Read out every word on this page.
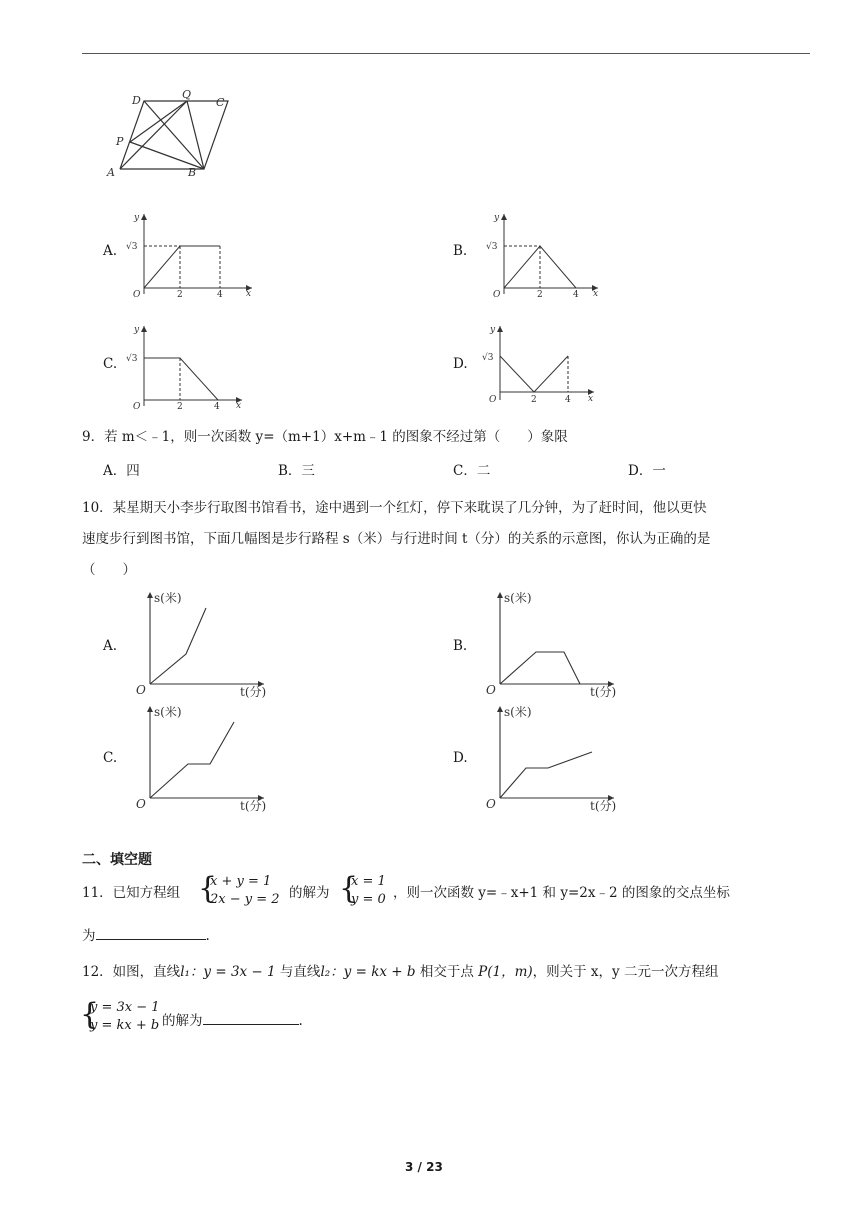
D	Q
C
P
A	B
A.
y
√3
O	2	4	x
B.
y
√3
O	2	4 x
C.
y
√3
O	2	4 x
D.
y
√3
O	2	4 x
9．若 m＜﹣1，则一次函数 y=（m+1）x+m﹣1 的图象不经过第（　　）象限
A．四	B．三	C．二	D．一
10．某星期天小李步行取图书馆看书，途中遇到一个红灯，停下来耽误了几分钟，为了赶时间，他以更快
速度步行到图书馆，下面几幅图是步行路程 s（米）与行进时间 t（分）的关系的示意图，你认为正确的是
（　　）
A.
s(米)
O	t(分)
B.
s(米)
O	t(分)
C.
s(米)
O	t(分)
D.
s(米)
O	t(分)
二、填空题
11．已知方程组 {
x + y = 1
2x − y = 2 的解为 {
x = 1
y = 0 ，则一次函数 y=﹣x+1 和 y=2x﹣2 的图象的交点坐标
为	.
12．如图，直线l₁：y = 3x − 1 与直线l₂：y = kx + b 相交于点 P(1，m)，则关于 x，y 二元一次方程组
{
y = 3x − 1
y = kx + b 的解为	.
3 / 23
